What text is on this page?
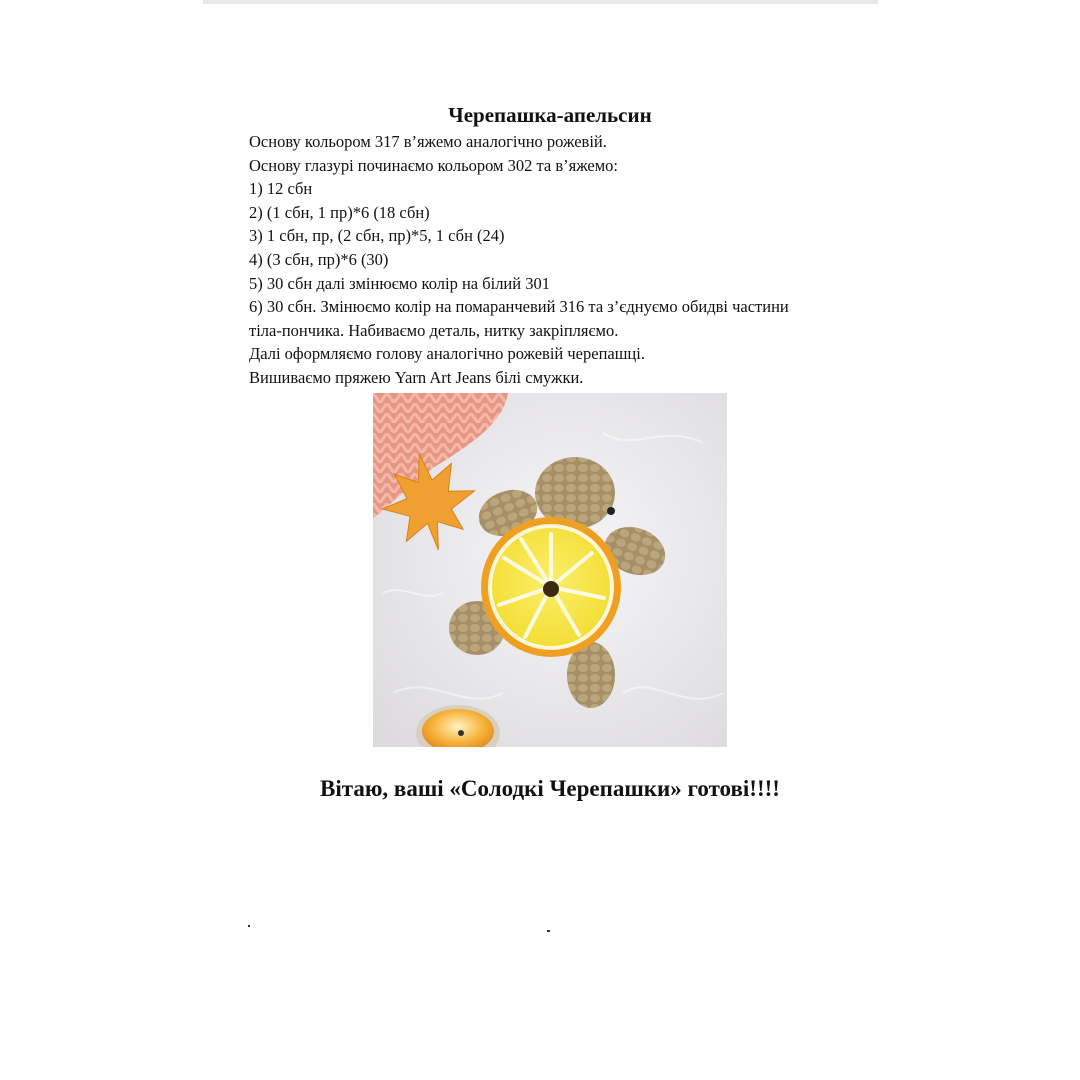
Черепашка-апельсин
Основу кольором 317 в’яжемо аналогічно рожевій.
Основу глазурі починаємо кольором 302 та в’яжемо:
1) 12 сбн
2) (1 сбн, 1 пр)*6 (18 сбн)
3) 1 сбн, пр, (2 сбн, пр)*5, 1 сбн (24)
4) (3 сбн, пр)*6 (30)
5) 30 сбн далі змінюємо колір на білий 301
6) 30 сбн. Змінюємо колір на помаранчевий 316 та з’єднуємо обидві частини
тіла-пончика. Набиваємо деталь, нитку закріпляємо.
Далі оформляємо голову аналогічно рожевій черепашці.
Вишиваємо пряжею Yarn Art Jeans білі смужки.
Вітаю, ваші «Солодкі Черепашки» готові!!!!
